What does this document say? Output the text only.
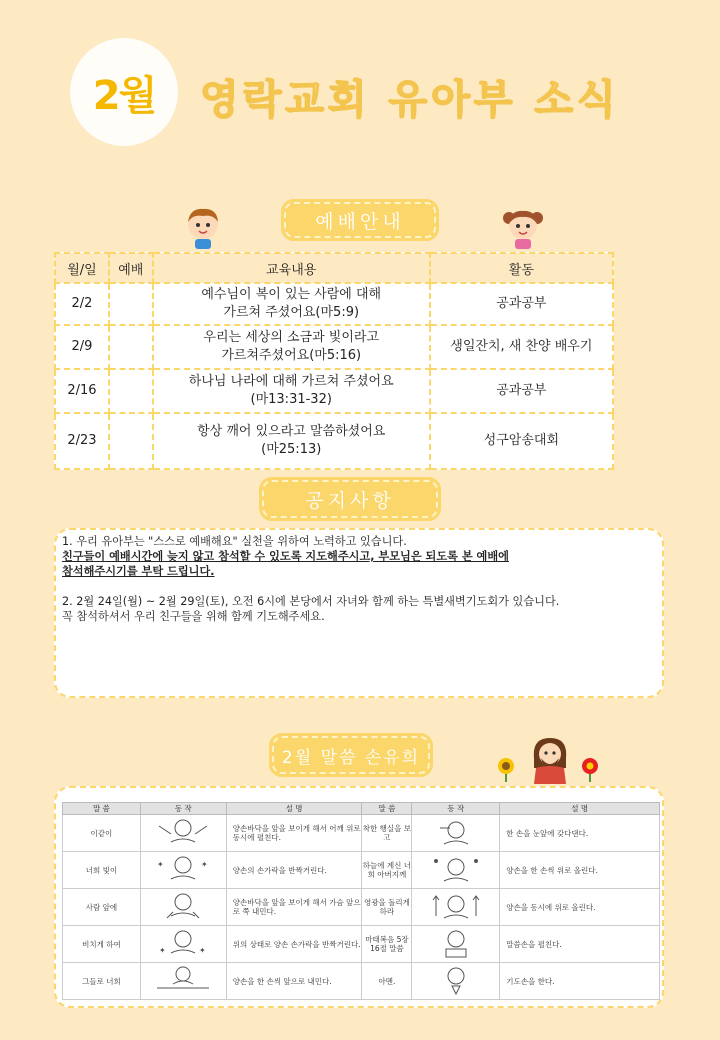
2월 영락교회 유아부 소식
예배안내
월/일	예배	교육내용	활동
2/2		예수님이 복이 있는 사람에 대해
가르쳐 주셨어요(마5:9)	공과공부
2/9		우리는 세상의 소금과 빛이라고
가르쳐주셨어요(마5:16)	생일잔치, 새 찬양 배우기
2/16		하나님 나라에 대해 가르쳐 주셨어요
(마13:31-32)	공과공부
2/23		항상 깨어 있으라고 말씀하셨어요
(마25:13)	성구암송대회
공지사항

1. 우리 유아부는 "스스로 예배해요" 실천을 위하여 노력하고 있습니다.

친구들이 예배시간에 늦지 않고 참석할 수 있도록 지도해주시고, 부모님은 되도록 본 예배에

참석해주시기를 부탁 드립니다.

2. 2월 24일(월) ~ 2월 29일(토), 오전 6시에 본당에서 자녀와 함께 하는 특별새벽기도회가 있습니다.

꼭 참석하셔서 우리 친구들을 위해 함께 기도해주세요.

2월 말씀 손유희
말 씀	동 작	설 명	말 씀	동 작	설 명
이같이		양손바닥을 앞을 보이게 해서 어깨 위로 동시에 펼친다.	착한 행실을 보고		한 손을 눈앞에 갖다댄다.
너희 빛이	✦ ✦	양손의 손가락을 반짝거린다.	하늘에 계신 너희 아버지께		양손을 한 손씩 위로 올린다.
사람 앞에		양손바닥을 앞을 보이게 해서 가슴 앞으로 쭉 내민다.	영광을 돌리게 하라		양손을 동시에 위로 올린다.
비치게 하여	✦ ✦	위의 상태로 양손 손가락을 반짝거린다.	마태복음 5장 16절 말씀		말씀손을 펼친다.
그들로 너희		양손을 한 손씩 앞으로 내민다.	아멘.		기도손을 한다.
